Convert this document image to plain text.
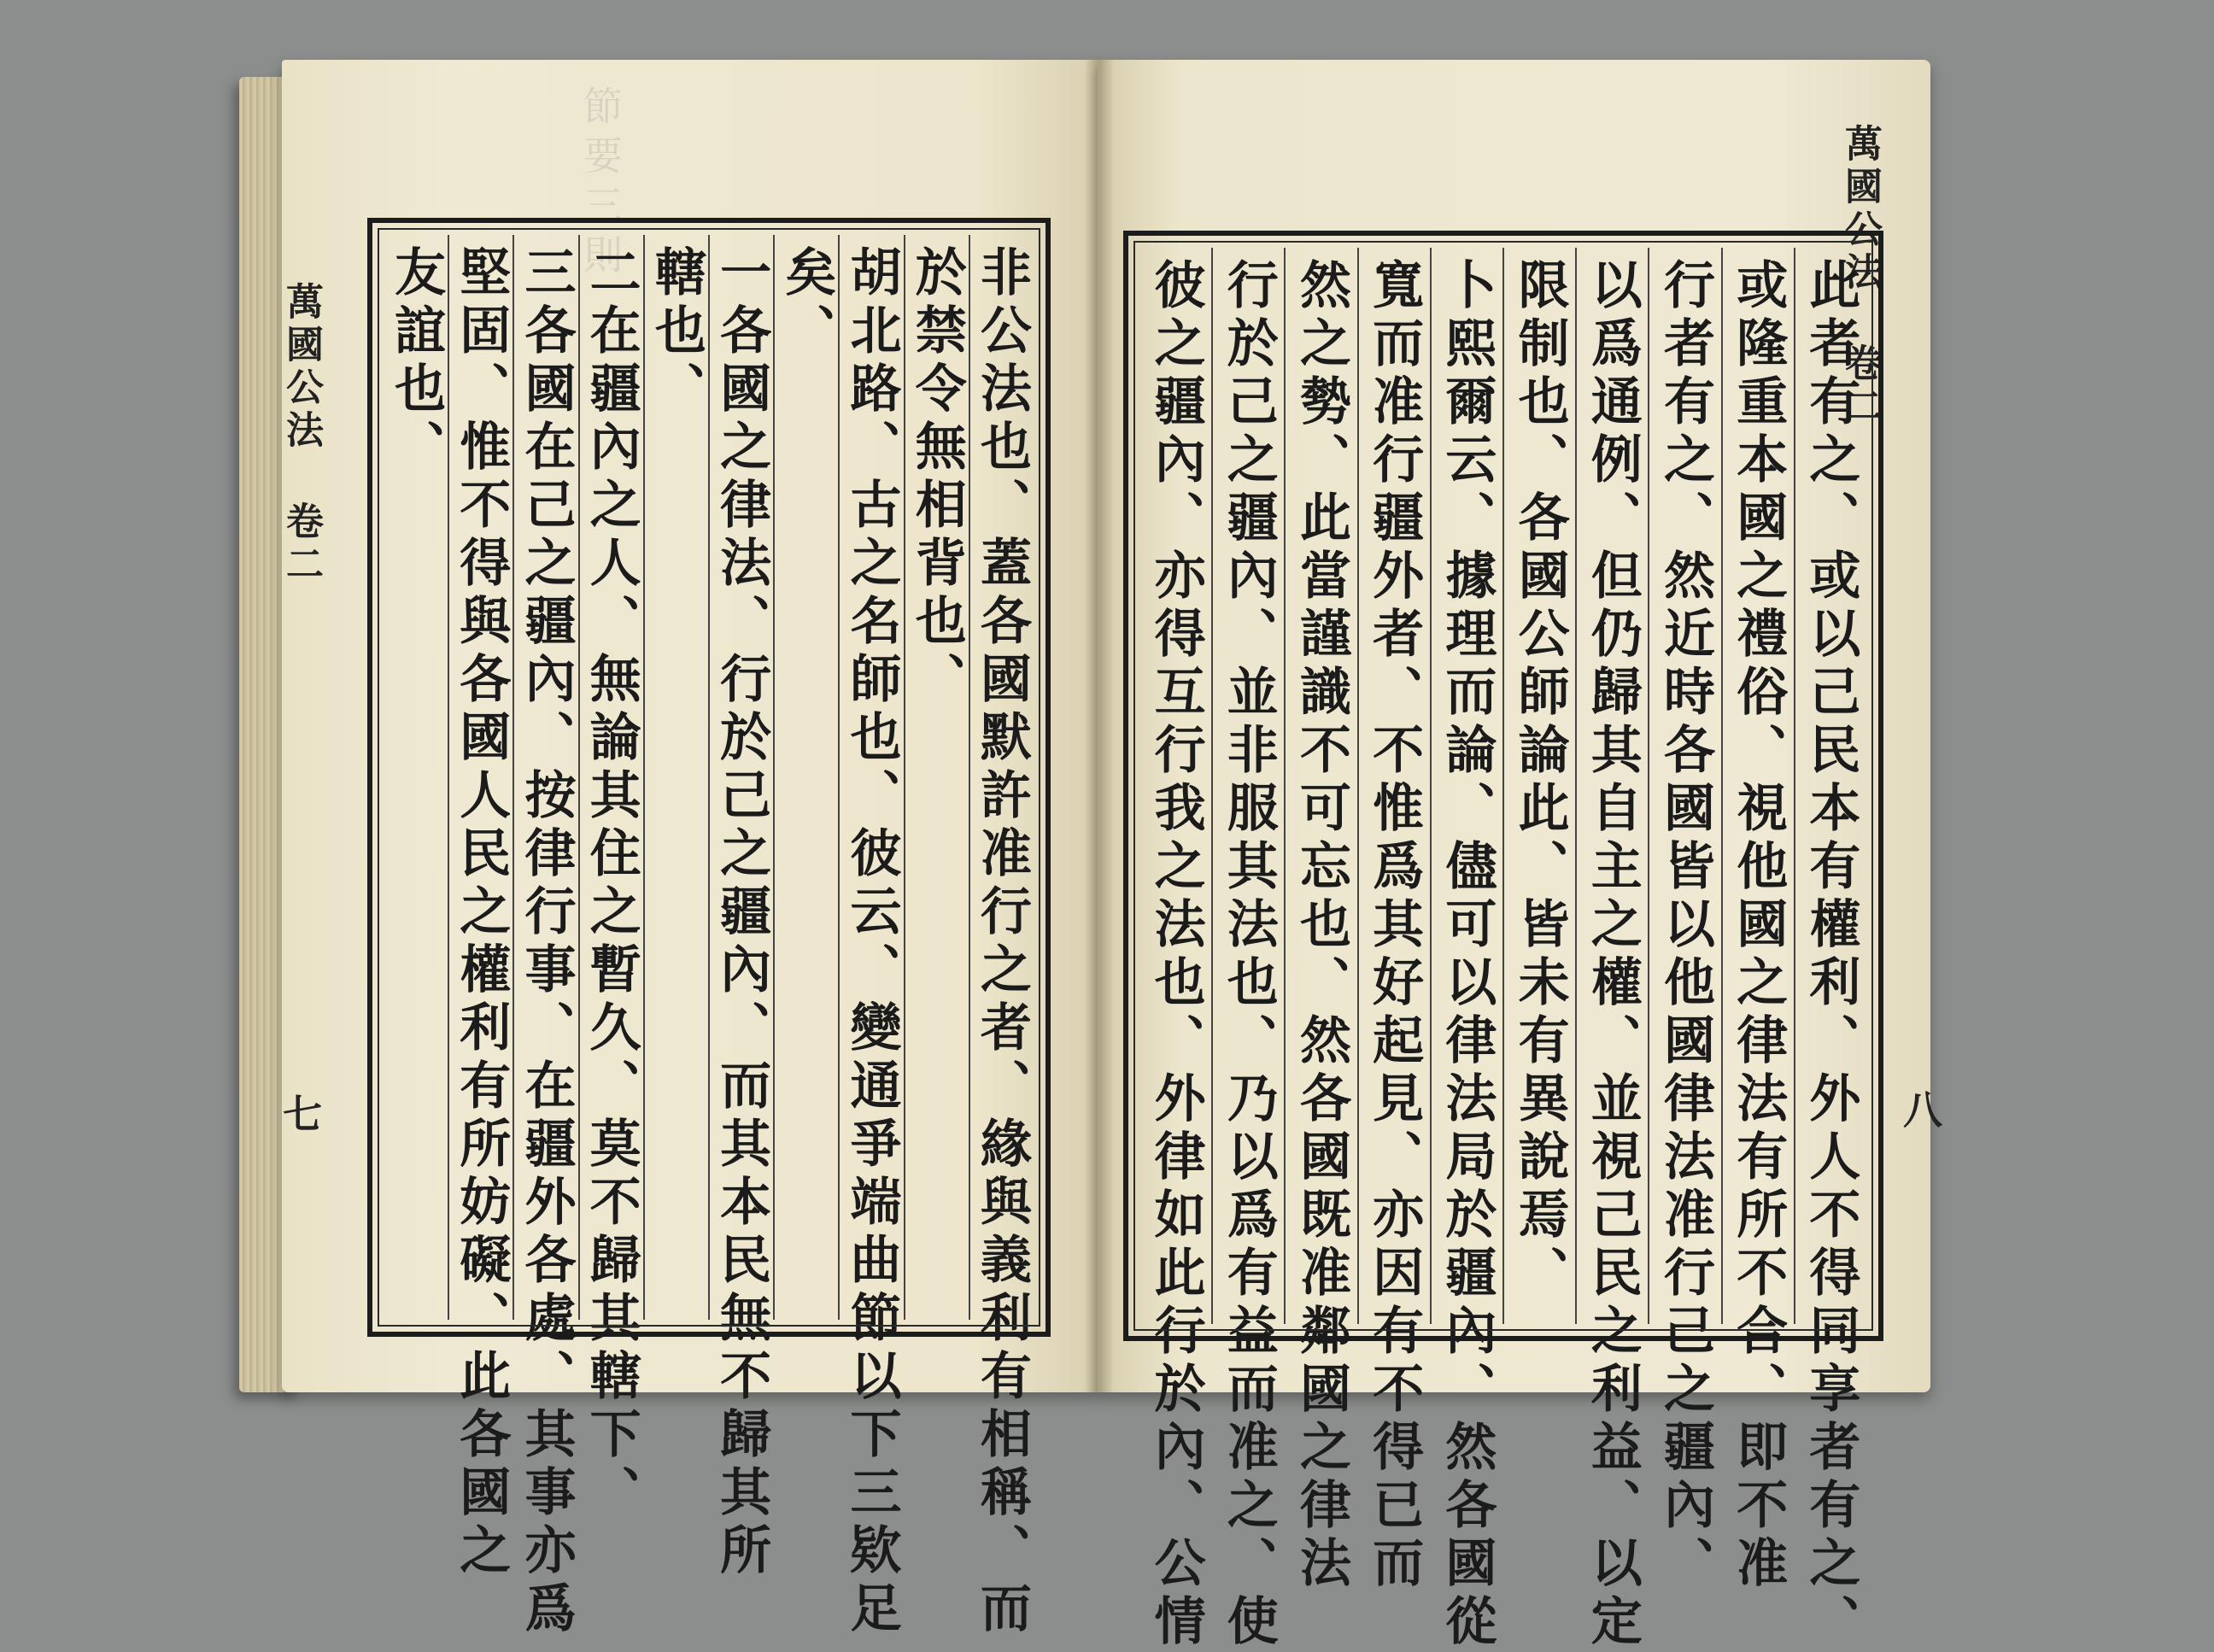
節要三則
萬國公法 卷二
七	非公法也、蓋各國默許准行之者、緣與義利有相稱、而
於禁令無相背也、
胡北路、古之名師也、彼云、變通爭端曲節以下三欵足
矣、
一各國之律法、行於己之疆內、而其本民無不歸其所
轄也、
二在疆內之人、無論其住之暫久、莫不歸其轄下、
三各國在己之疆內、按律行事、在疆外各處、其事亦爲
堅固、惟不得與各國人民之權利有所妨礙、此各國之
友誼也、	萬國公法 卷二
八
此者有之、或以己民本有權利、外人不得同享者有之、
或隆重本國之禮俗、視他國之律法有所不合、即不准
行者有之、然近時各國皆以他國律法准行己之疆內、
以爲通例、但仍歸其自主之權、並視己民之利益、以定
限制也、各國公師論此、皆未有異說焉、
卜熙爾云、據理而論、儘可以律法局於疆內、然各國從
寬而准行疆外者、不惟爲其好起見、亦因有不得已而
然之勢、此當謹識不可忘也、然各國既准鄰國之律法
行於己之疆內、並非服其法也、乃以爲有益而准之、使
彼之疆內、亦得互行我之法也、外律如此行於內、公情
